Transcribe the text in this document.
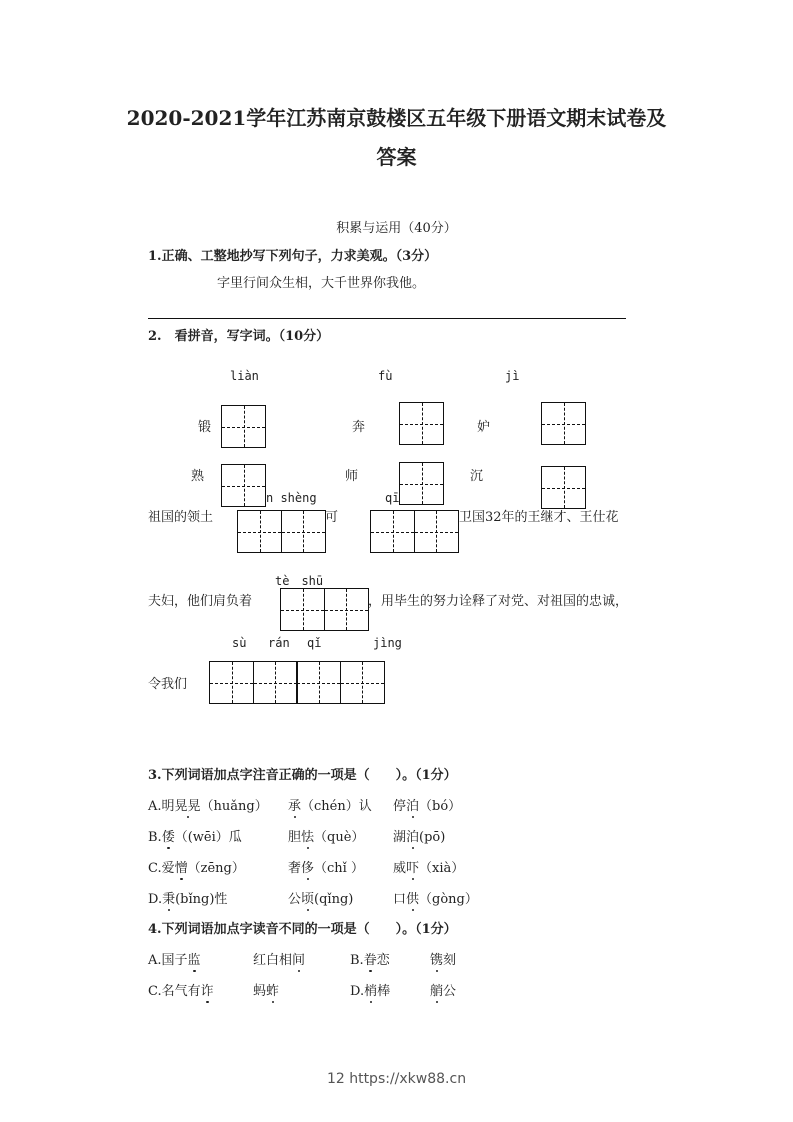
2020-2021学年江苏南京鼓楼区五年级下册语文期末试卷及
答案
积累与运用（40分）
1.正确、工整地抄写下列句子，力求美观。（3分）
字里行间众生相，大千世界你我他。
2.　看拼音，写字词。（10分）
liàn	fù	jì
锻	奔	妒
熟	师	沉
n shèng	qī
祖国的领土	可	卫国32年的王继才、王仕花
tè　shū
夫妇，他们肩负着	，用毕生的努力诠释了对党、对祖国的忠诚，
sù rán qǐ	jìng
令我们
3.下列词语加点字注音正确的一项是（　　）。（1分）
A.明晃晃（huǎng） 承（chén）认 停泊（bó）
B.倭（(wēi）瓜	胆怯（què） 湖泊(pō)
C.爱憎（zēng）	奢侈（chǐ ） 威吓（xià）
D.秉(bǐng)性	公顷(qǐng)	口供（gòng）
4.下列词语加点字读音不同的一项是（　　）。（1分）
A.国子监	红白相间	B.眷恋	镌刻
C.名气有诈	蚂蚱	D.梢棒	艄公
12 https://xkw88.cn
